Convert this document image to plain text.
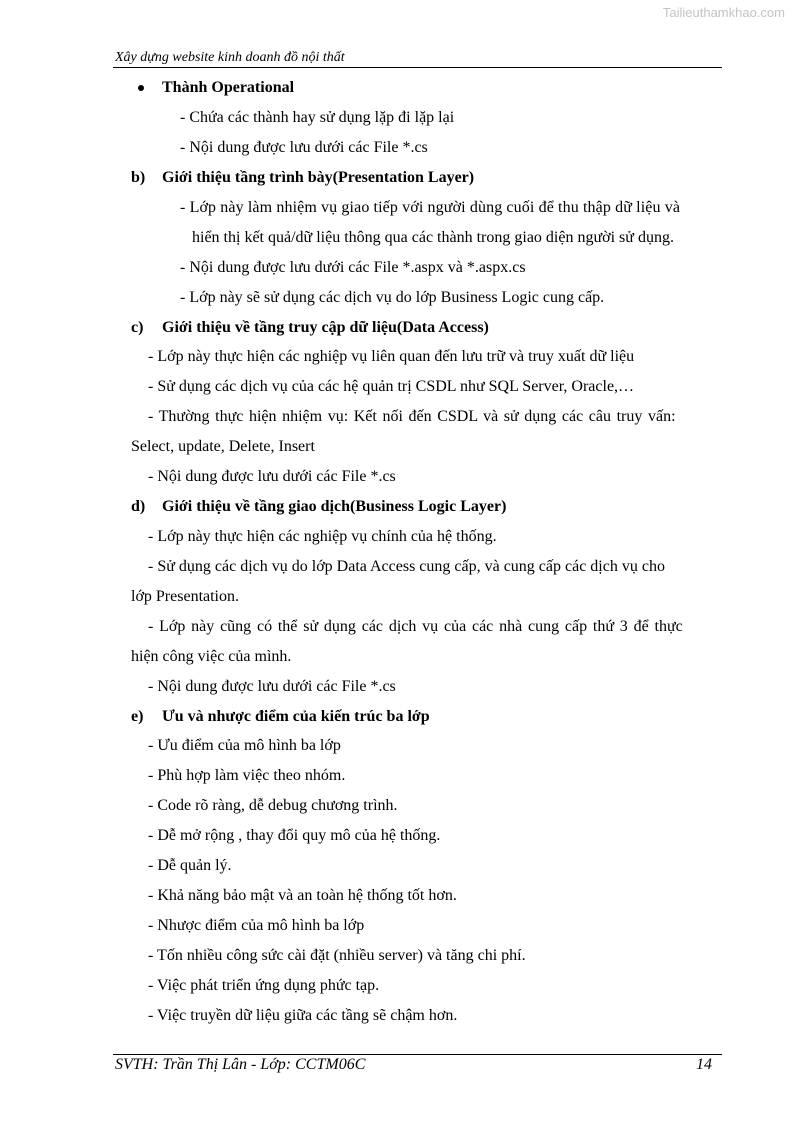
Tailieuthamkhao.com
Xây dựng website kinh doanh đồ nội thất
Thành Operational
- Chứa các thành hay sử dụng lặp đi lặp lại
- Nội dung được lưu dưới các File *.cs
b) Giới thiệu tầng trình bày(Presentation Layer)
- Lớp này làm nhiệm vụ giao tiếp với người dùng cuối để thu thập dữ liệu và
hiển thị kết quả/dữ liệu thông qua các thành trong giao diện người sử dụng.
- Nội dung được lưu dưới các File *.aspx và *.aspx.cs
- Lớp này sẽ sử dụng các dịch vụ do lớp Business Logic cung cấp.
c) Giới thiệu về tầng truy cập dữ liệu(Data Access)
- Lớp này thực hiện các nghiệp vụ liên quan đến lưu trữ và truy xuất dữ liệu
- Sử dụng các dịch vụ của các hệ quản trị CSDL như SQL Server, Oracle,…
- Thường thực hiện nhiệm vụ: Kết nối đến CSDL và sử dụng các câu truy vấn:
Select, update, Delete, Insert
- Nội dung được lưu dưới các File *.cs
d) Giới thiệu về tầng giao dịch(Business Logic Layer)
- Lớp này thực hiện các nghiệp vụ chính của hệ thống.
- Sử dụng các dịch vụ do lớp Data Access cung cấp, và cung cấp các dịch vụ cho
lớp Presentation.
- Lớp này cũng có thể sử dụng các dịch vụ của các nhà cung cấp thứ 3 để thực
hiện công việc của mình.
- Nội dung được lưu dưới các File *.cs
e) Ưu và nhược điểm của kiến trúc ba lớp
- Ưu điểm của mô hình ba lớp
- Phù hợp làm việc theo nhóm.
- Code rõ ràng, dễ debug chương trình.
- Dễ mở rộng , thay đổi quy mô của hệ thống.
- Dễ quản lý.
- Khả năng bảo mật và an toàn hệ thống tốt hơn.
- Nhược điểm của mô hình ba lớp
- Tốn nhiều công sức cài đặt (nhiều server) và tăng chi phí.
- Việc phát triển ứng dụng phức tạp.
- Việc truyền dữ liệu giữa các tầng sẽ chậm hơn.
SVTH: Trần Thị Lân - Lớp: CCTM06C	14
